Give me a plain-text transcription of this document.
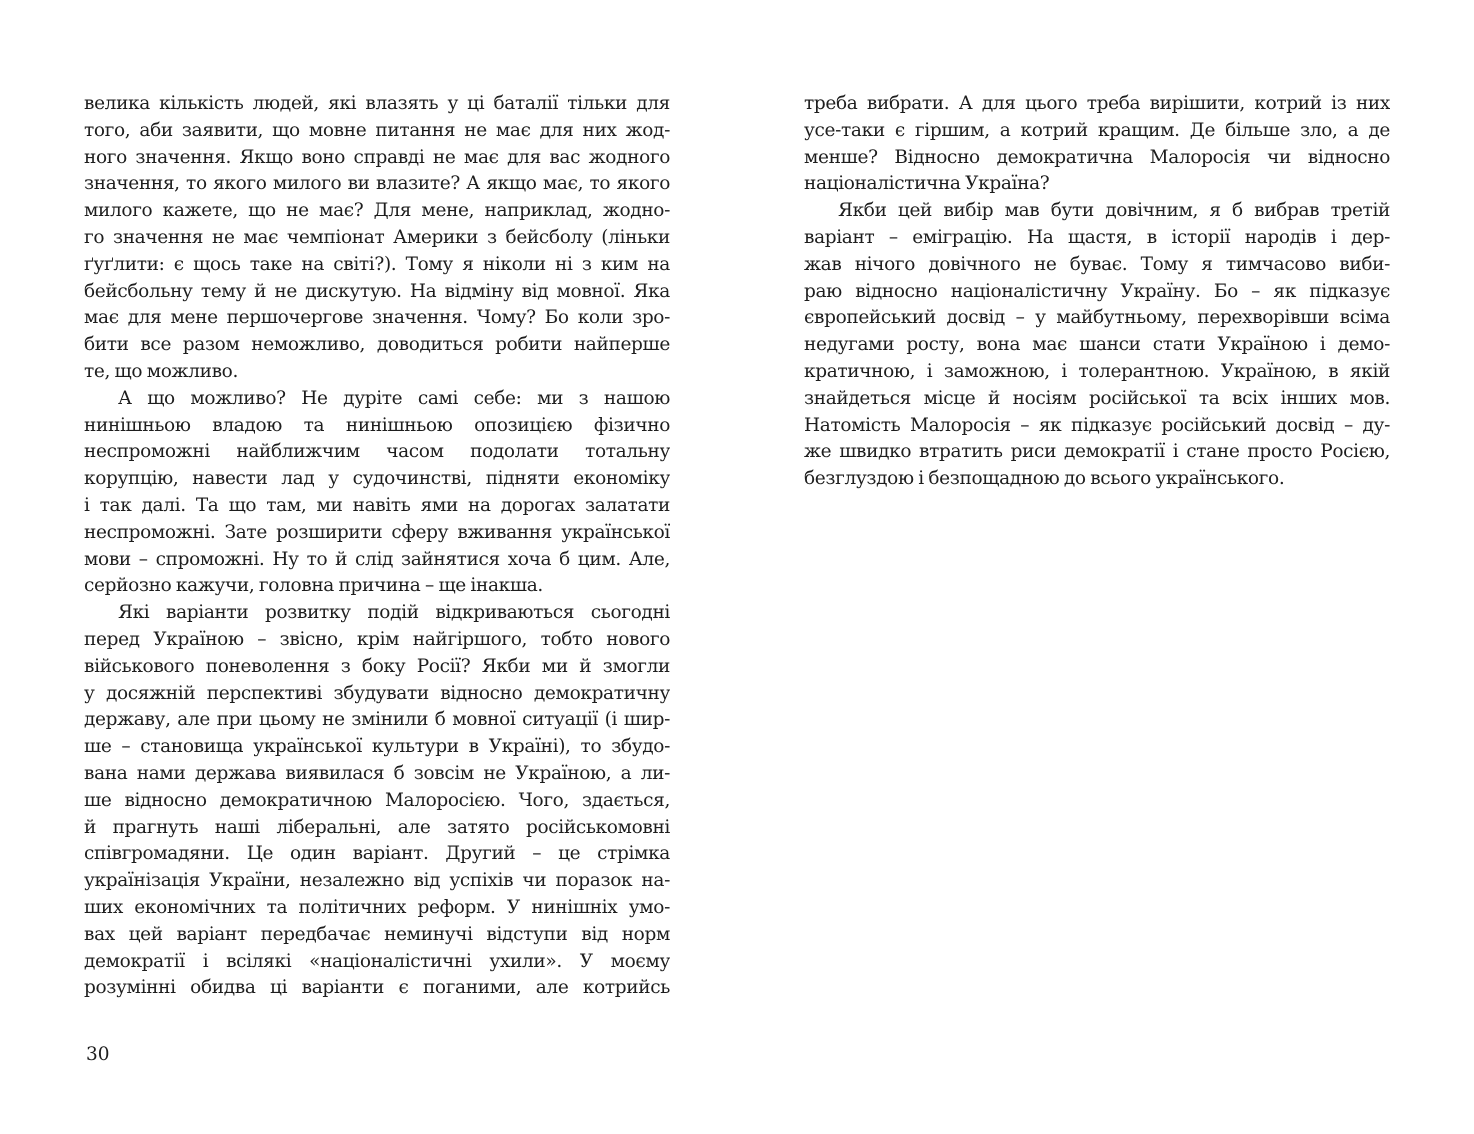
велика кількість людей, які влазять у ці баталії тільки для
того, аби заявити, що мовне питання не має для них жод-
ного значення. Якщо воно справді не має для вас жодного
значення, то якого милого ви влазите? А якщо має, то якого
милого кажете, що не має? Для мене, наприклад, жодно-
го значення не має чемпіонат Америки з бейсболу (ліньки
ґуґлити: є щось таке на світі?). Тому я ніколи ні з ким на
бейсбольну тему й не дискутую. На відміну від мовної. Яка
має для мене першочергове значення. Чому? Бо коли зро-
бити все разом неможливо, доводиться робити найперше
те, що можливо.
А що можливо? Не дуріте самі себе: ми з нашою
нинішньою владою та нинішньою опозицією фізично
неспроможні найближчим часом подолати тотальну
корупцію, навести лад у судочинстві, підняти економіку
і так далі. Та що там, ми навіть ями на дорогах залатати
неспроможні. Зате розширити сферу вживання української
мови – спроможні. Ну то й слід зайнятися хоча б цим. Але,
серйозно кажучи, головна причина – ще інакша.
Які варіанти розвитку подій відкриваються сьогодні
перед Україною – звісно, крім найгіршого, тобто нового
військового поневолення з боку Росії? Якби ми й змогли
у досяжній перспективі збудувати відносно демократичну
державу, але при цьому не змінили б мовної ситуації (і шир-
ше – становища української культури в Україні), то збудо-
вана нами держава виявилася б зовсім не Україною, а ли-
ше відносно демократичною Малоросією. Чого, здається,
й прагнуть наші ліберальні, але затято російськомовні
співгромадяни. Це один варіант. Другий – це стрімка
українізація України, незалежно від успіхів чи поразок на-
ших економічних та політичних реформ. У нинішніх умо-
вах цей варіант передбачає неминучі відступи від норм
демократії і всілякі «націоналістичні ухили». У моєму
розумінні обидва ці варіанти є поганими, але котрийсь
треба вибрати. А для цього треба вирішити, котрий із них
усе-таки є гіршим, а котрий кращим. Де більше зло, а де
менше? Відносно демократична Малоросія чи відносно
націоналістична Україна?
Якби цей вибір мав бути довічним, я б вибрав третій
варіант – еміграцію. На щастя, в історії народів і дер-
жав нічого довічного не буває. Тому я тимчасово виби-
раю відносно націоналістичну Україну. Бо – як підказує
європейський досвід – у майбутньому, перехворівши всіма
недугами росту, вона має шанси стати Україною і демо-
кратичною, і заможною, і толерантною. Україною, в якій
знайдеться місце й носіям російської та всіх інших мов.
Натомість Малоросія – як підказує російський досвід – ду-
же швидко втратить риси демократії і стане просто Росією,
безглуздою і безпощадною до всього українського.
30
